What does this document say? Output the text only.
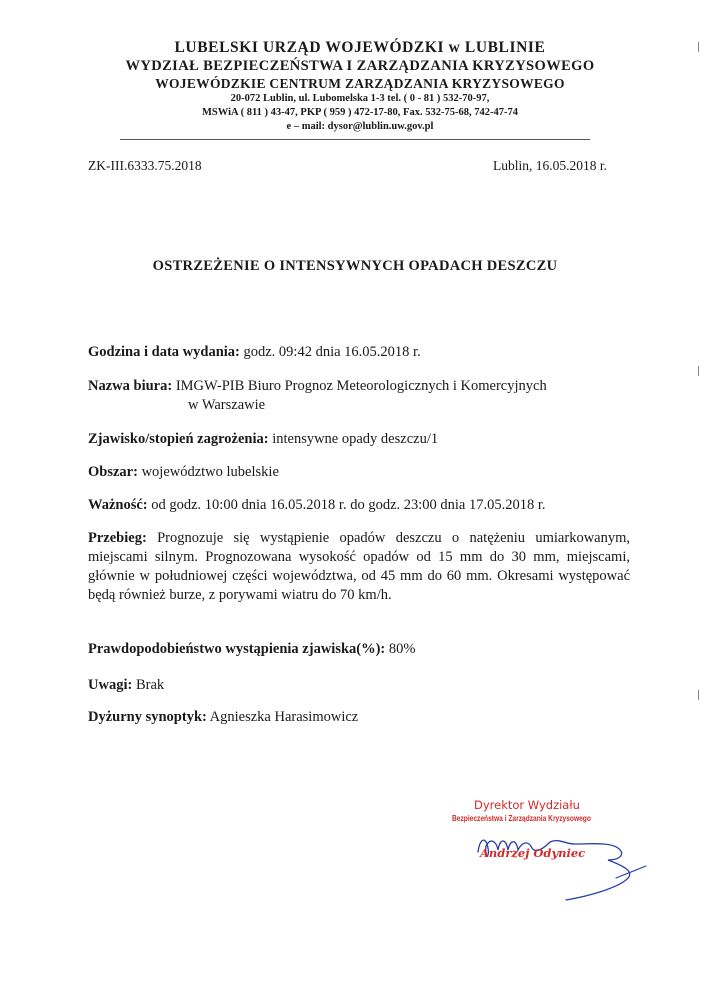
LUBELSKI URZĄD WOJEWÓDZKI w LUBLINIE
WYDZIAŁ BEZPIECZEŃSTWA I ZARZĄDZANIA KRYZYSOWEGO
WOJEWÓDZKIE CENTRUM ZARZĄDZANIA KRYZYSOWEGO
20-072 Lublin, ul. Lubomelska 1-3 tel. ( 0 - 81 ) 532-70-97,
MSWiA ( 811 ) 43-47, PKP ( 959 ) 472-17-80, Fax. 532-75-68, 742-47-74
e – mail: dysor@lublin.uw.gov.pl
ZK-III.6333.75.2018	Lublin, 16.05.2018 r.
OSTRZEŻENIE O INTENSYWNYCH OPADACH DESZCZU
Godzina i data wydania: godz. 09:42 dnia 16.05.2018 r.
Nazwa biura: IMGW-PIB Biuro Prognoz Meteorologicznych i Komercyjnych
w Warszawie
Zjawisko/stopień zagrożenia: intensywne opady deszczu/1
Obszar: województwo lubelskie
Ważność: od godz. 10:00 dnia 16.05.2018 r. do godz. 23:00 dnia 17.05.2018 r.
Przebieg: Prognozuje się wystąpienie opadów deszczu o natężeniu umiarkowanym, miejscami silnym. Prognozowana wysokość opadów od 15 mm do 30 mm, miejscami, głównie w południowej części województwa, od 45 mm do 60 mm. Okresami występować będą również burze, z porywami wiatru do 70 km/h.
Prawdopodobieństwo wystąpienia zjawiska(%): 80%
Uwagi: Brak
Dyżurny synoptyk: Agnieszka Harasimowicz
Dyrektor Wydziału
Bezpieczeństwa i Zarządzania Kryzysowego
Andrzej Odyniec
